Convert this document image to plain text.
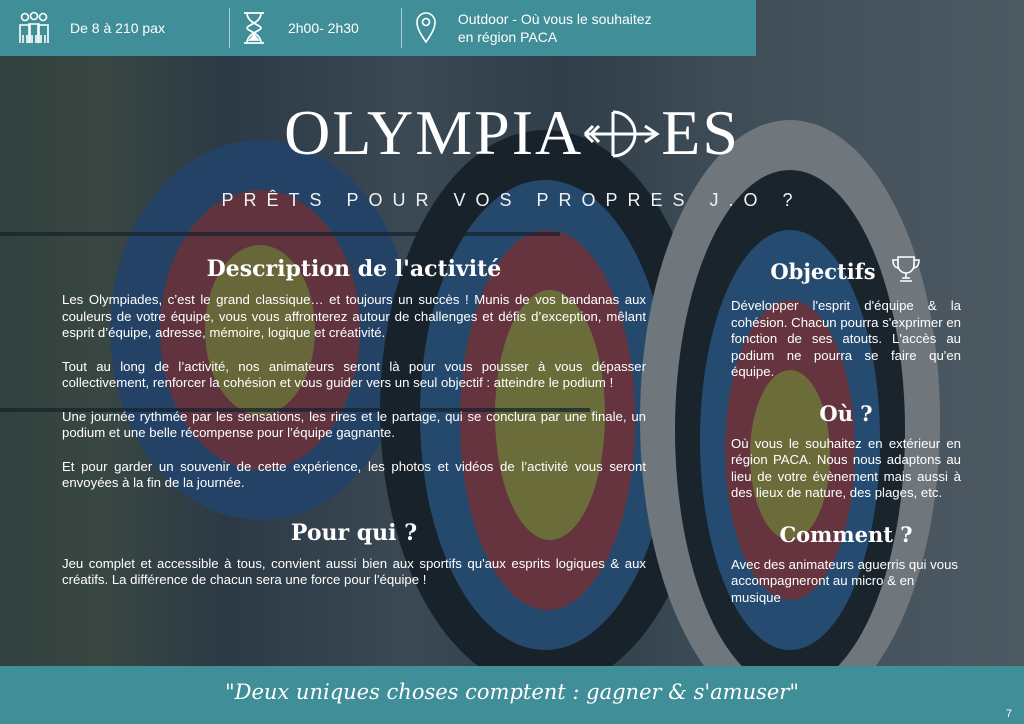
De 8 à 210 pax	2h00- 2h30
Outdoor - Où vous le souhaitez
en région PACA
OLYMPIA ES
PRÊTS POUR VOS PROPRES J.O ?
Description de l'activité

Les Olympiades, c’est le grand classique… et toujours un succès ! Munis de vos bandanas aux couleurs de votre équipe, vous vous affronterez autour de challenges et défis d’exception, mêlant esprit d’équipe, adresse, mémoire, logique et créativité.

Tout au long de l’activité, nos animateurs seront là pour vous pousser à vous dépasser collectivement, renforcer la cohésion et vous guider vers un seul objectif : atteindre le podium !

Une journée rythmée par les sensations, les rires et le partage, qui se conclura par une finale, un podium et une belle récompense pour l’équipe gagnante.

Et pour garder un souvenir de cette expérience, les photos et vidéos de l’activité vous seront envoyées à la fin de la journée.

Pour qui ?

Jeu complet et accessible à tous, convient aussi bien aux sportifs qu'aux esprits logiques & aux créatifs. La différence de chacun sera une force pour l'équipe !

Objectifs

Développer l'esprit d'équipe & la cohésion. Chacun pourra s'exprimer en fonction de ses atouts. L'accès au podium ne pourra se faire qu'en équipe.

Où ?

Où vous le souhaitez en extérieur en région PACA. Nous nous adaptons au lieu de votre évènement mais aussi à des lieux de nature, des plages, etc.

Comment ?

Avec des animateurs aguerris qui vous accompagneront au micro & en musique

"Deux uniques choses comptent : gagner & s'amuser"
7
